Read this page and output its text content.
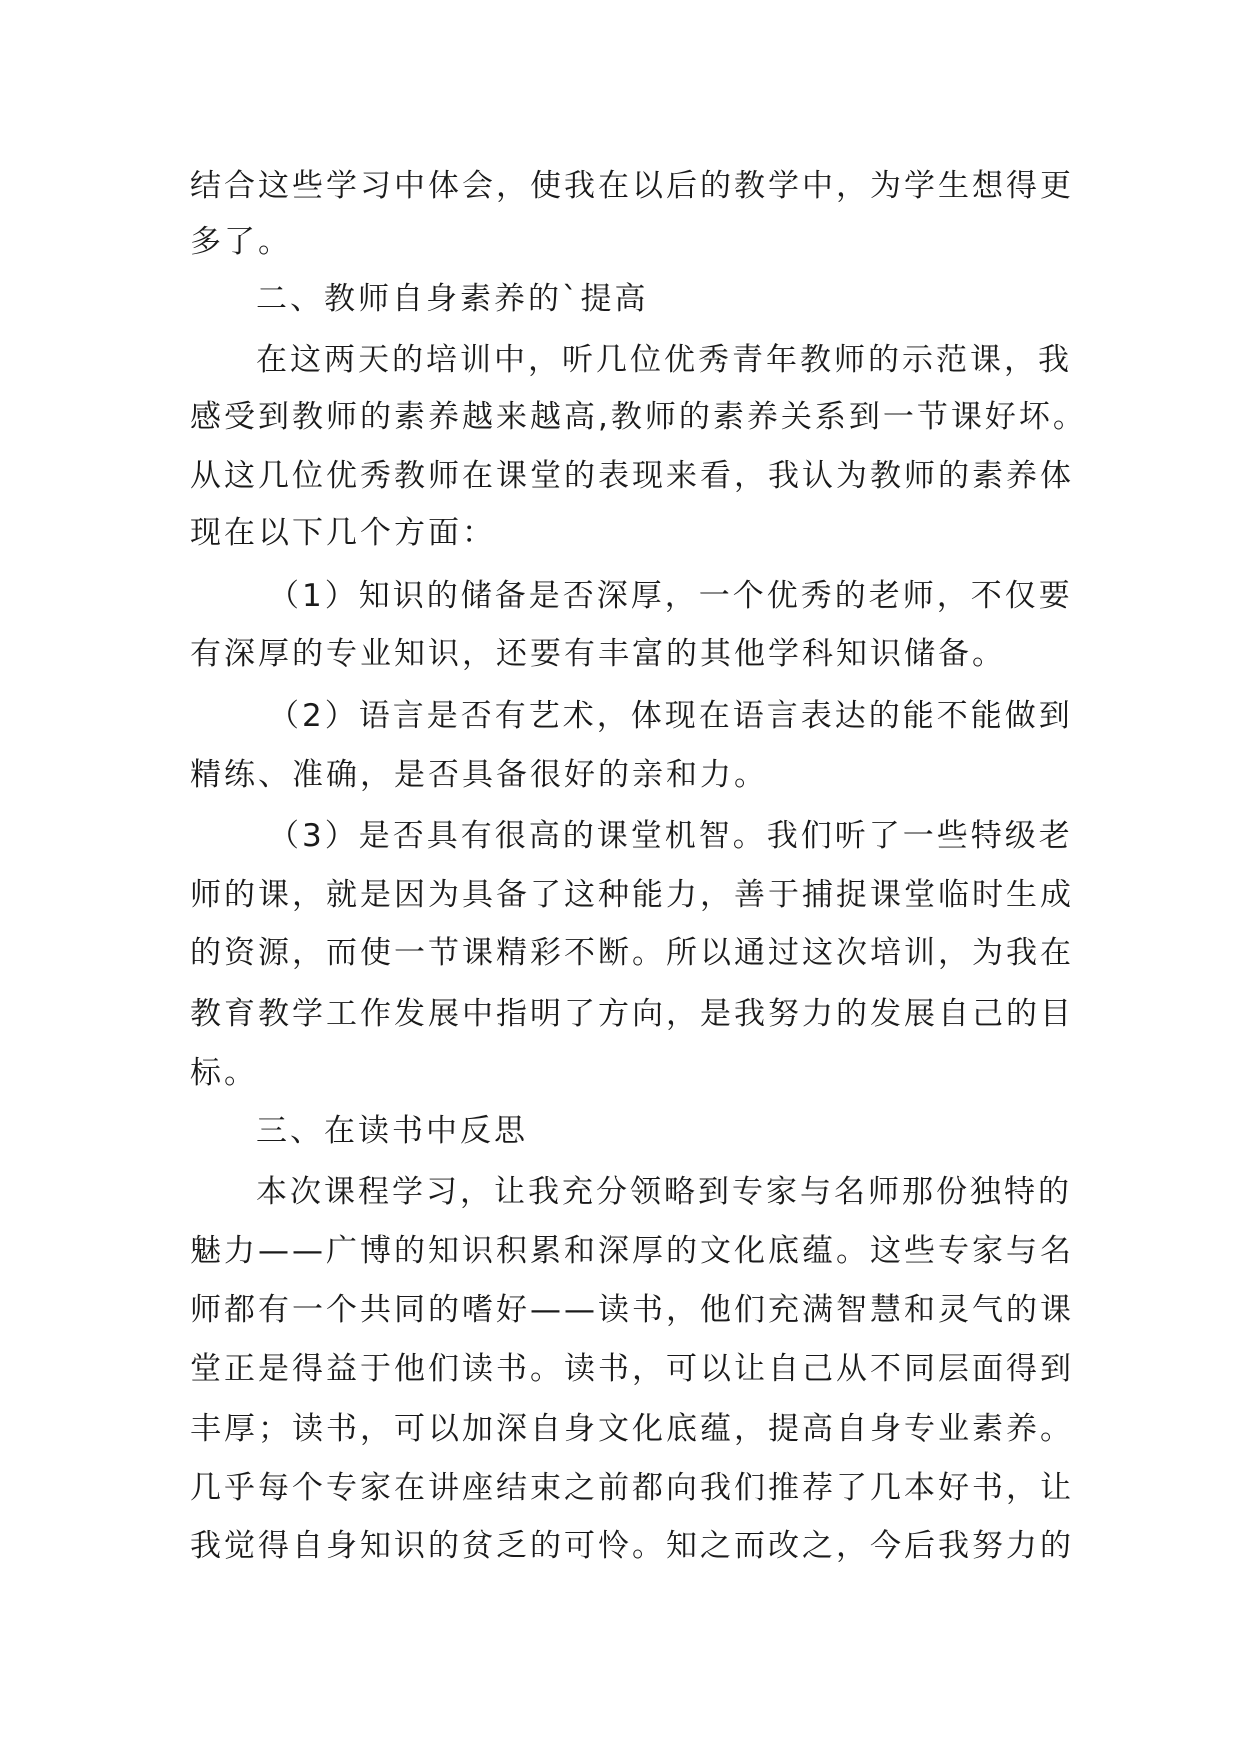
结合这些学习中体会，使我在以后的教学中，为学生想得更
多了。
二、教师自身素养的`提高
在这两天的培训中，听几位优秀青年教师的示范课，我
感受到教师的素养越来越高,教师的素养关系到一节课好坏。
从这几位优秀教师在课堂的表现来看，我认为教师的素养体
现在以下几个方面：
（1）知识的储备是否深厚，一个优秀的老师，不仅要
有深厚的专业知识，还要有丰富的其他学科知识储备。
（2）语言是否有艺术，体现在语言表达的能不能做到
精练、准确，是否具备很好的亲和力。
（3）是否具有很高的课堂机智。我们听了一些特级老
师的课，就是因为具备了这种能力，善于捕捉课堂临时生成
的资源，而使一节课精彩不断。所以通过这次培训，为我在
教育教学工作发展中指明了方向，是我努力的发展自己的目
标。
三、在读书中反思
本次课程学习，让我充分领略到专家与名师那份独特的
魅力——广博的知识积累和深厚的文化底蕴。这些专家与名
师都有一个共同的嗜好——读书，他们充满智慧和灵气的课
堂正是得益于他们读书。读书，可以让自己从不同层面得到
丰厚；读书，可以加深自身文化底蕴，提高自身专业素养。
几乎每个专家在讲座结束之前都向我们推荐了几本好书，让
我觉得自身知识的贫乏的可怜。知之而改之，今后我努力的
